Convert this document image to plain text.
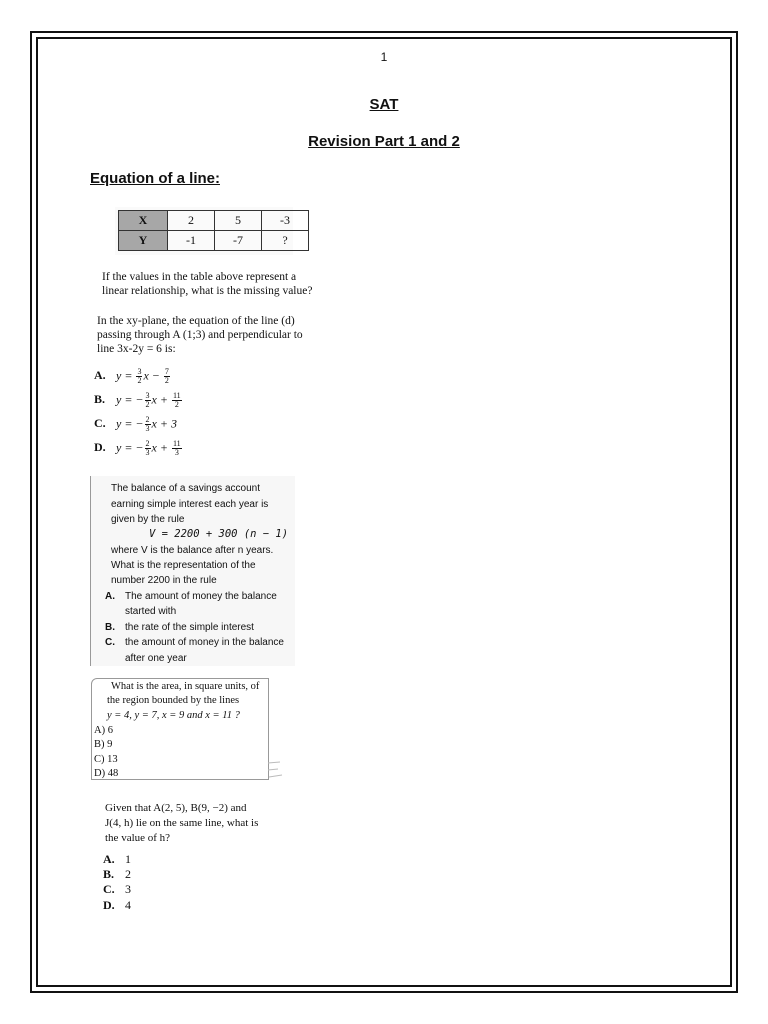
1
SAT
Revision Part 1 and 2
Equation of a line:
X	2	5	-3
Y	-1	-7	?
If the values in the table above represent a
linear relationship, what is the missing value?
In the xy-plane, the equation of the line (d)
passing through A (1;3) and perpendicular to
line 3x-2y = 6 is:
A. $y = \frac{3}{2}$ $x - \frac{7}{2}$
B. y = − $\frac{3}{2}$ $x + \frac{11}{2}$
C. y = − $\frac{2}{3}$ x + 3
D. y = − $\frac{2}{3}$ $x + \frac{11}{3}$
The balance of a savings account
earning simple interest each year is
given by the rule
V = 2200 + 300 (n − 1)
where V is the balance after n years.
What is the representation of the
number 2200 in the rule
A. The amount of money the balance
started with
B. the rate of the simple interest
C. the amount of money in the balance
after one year
What is the area, in square units, of
the region bounded by the lines
y = 4, y = 7, x = 9 and x = 11 ?
A) 6
B) 9
C) 13
D) 48
Given that A(2, 5), B(9, −2) and
J(4, h) lie on the same line, what is
the value of h?
A. 1
B. 2
C. 3
D. 4
